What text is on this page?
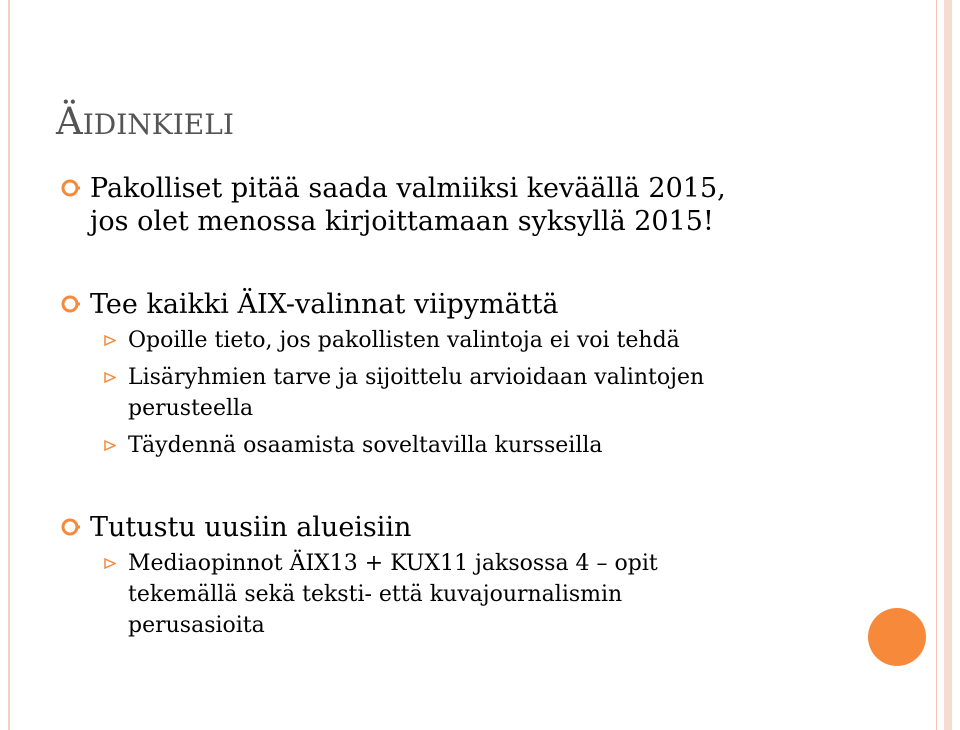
ÄIDINKIELI
Pakolliset pitää saada valmiiksi keväällä 2015,
jos olet menossa kirjoittamaan syksyllä 2015!
Tee kaikki ÄIX-valinnat viipymättä
Opoille tieto, jos pakollisten valintoja ei voi tehdä
Lisäryhmien tarve ja sijoittelu arvioidaan valintojen
perusteella
Täydennä osaamista soveltavilla kursseilla
Tutustu uusiin alueisiin
Mediaopinnot ÄIX13 + KUX11 jaksossa 4 – opit
tekemällä sekä teksti- että kuvajournalismin
perusasioita
